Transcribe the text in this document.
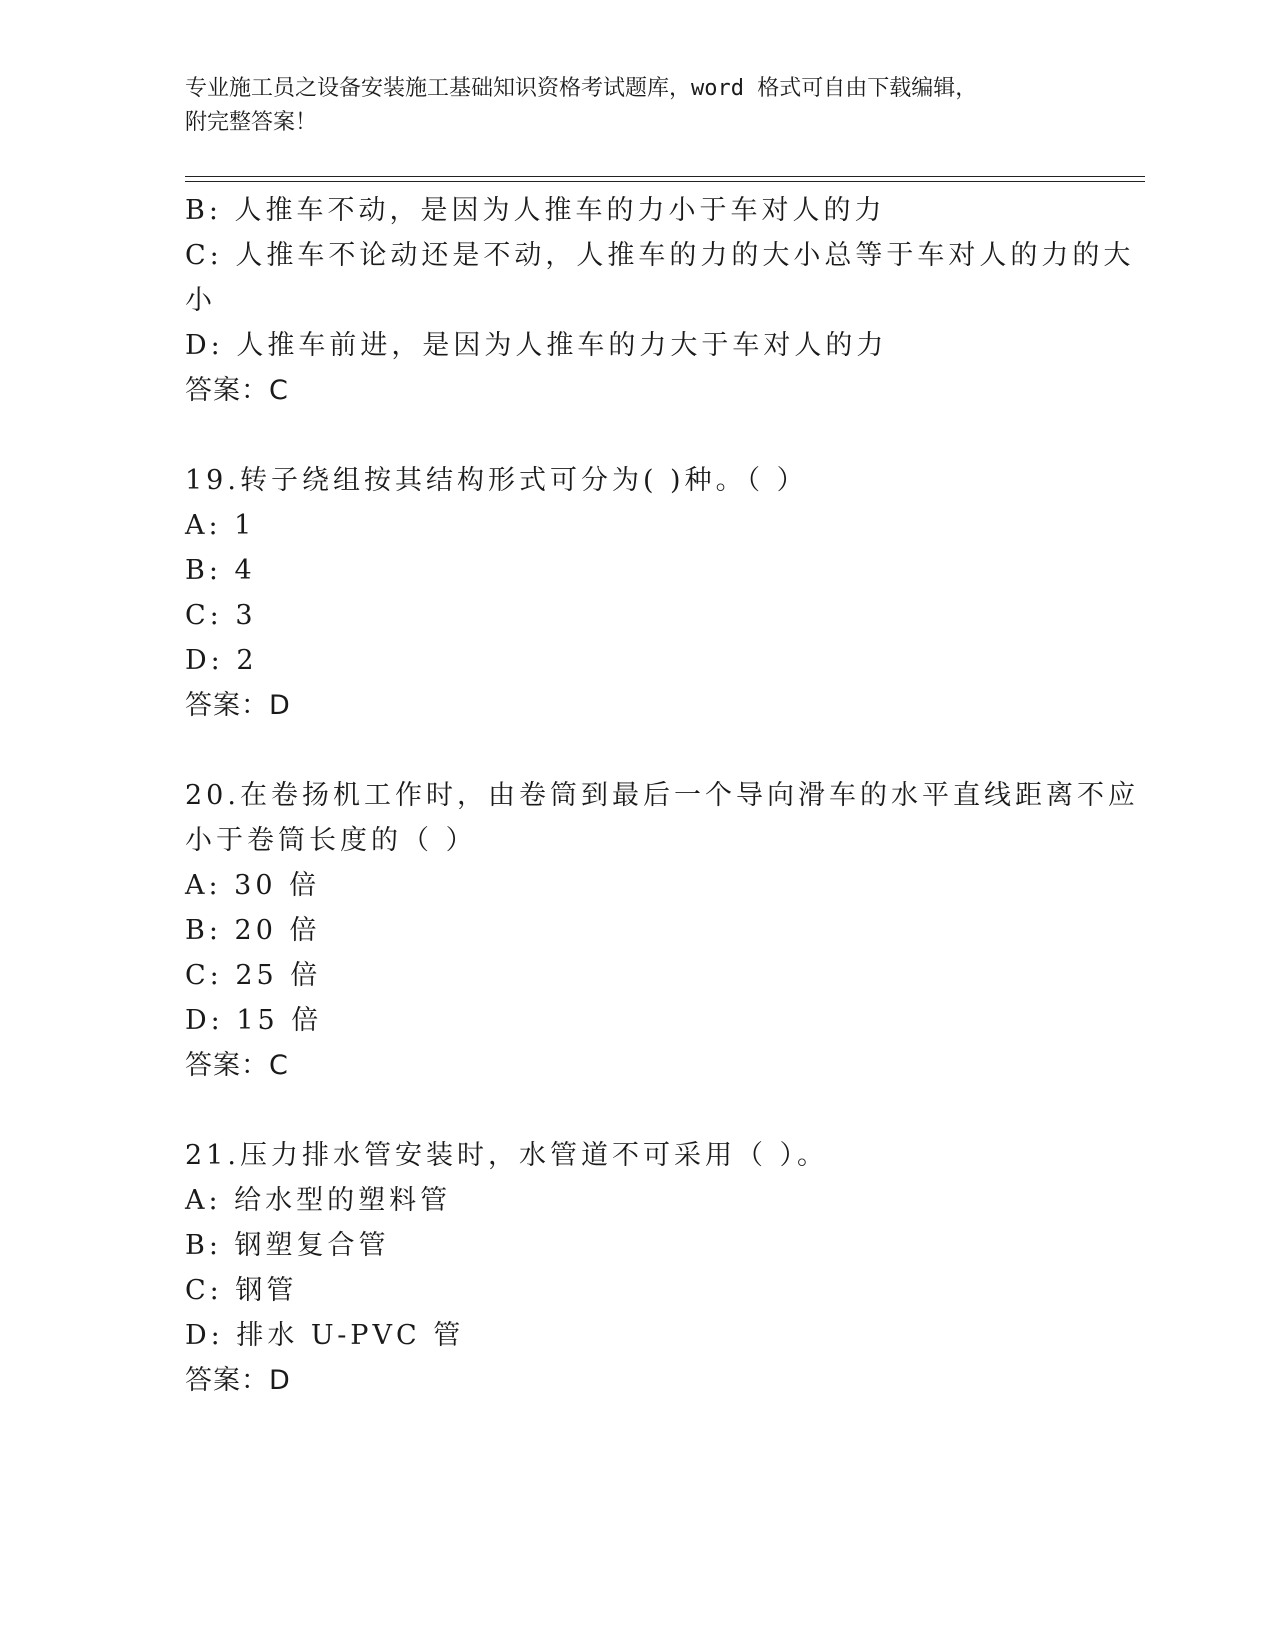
专业施工员之设备安装施工基础知识资格考试题库，word 格式可自由下载编辑，
附完整答案！
B: 人推车不动，是因为人推车的力小于车对人的力
C: 人推车不论动还是不动，人推车的力的大小总等于车对人的力的大
小
D: 人推车前进，是因为人推车的力大于车对人的力
答案：C
19.转子绕组按其结构形式可分为( )种。（ ）
A: 1
B: 4
C: 3
D: 2
答案：D
20.在卷扬机工作时，由卷筒到最后一个导向滑车的水平直线距离不应
小于卷筒长度的（ ）
A: 30 倍
B: 20 倍
C: 25 倍
D: 15 倍
答案：C
21.压力排水管安装时，水管道不可采用（ ）。
A: 给水型的塑料管
B: 钢塑复合管
C: 钢管
D: 排水 U-PVC 管
答案：D
